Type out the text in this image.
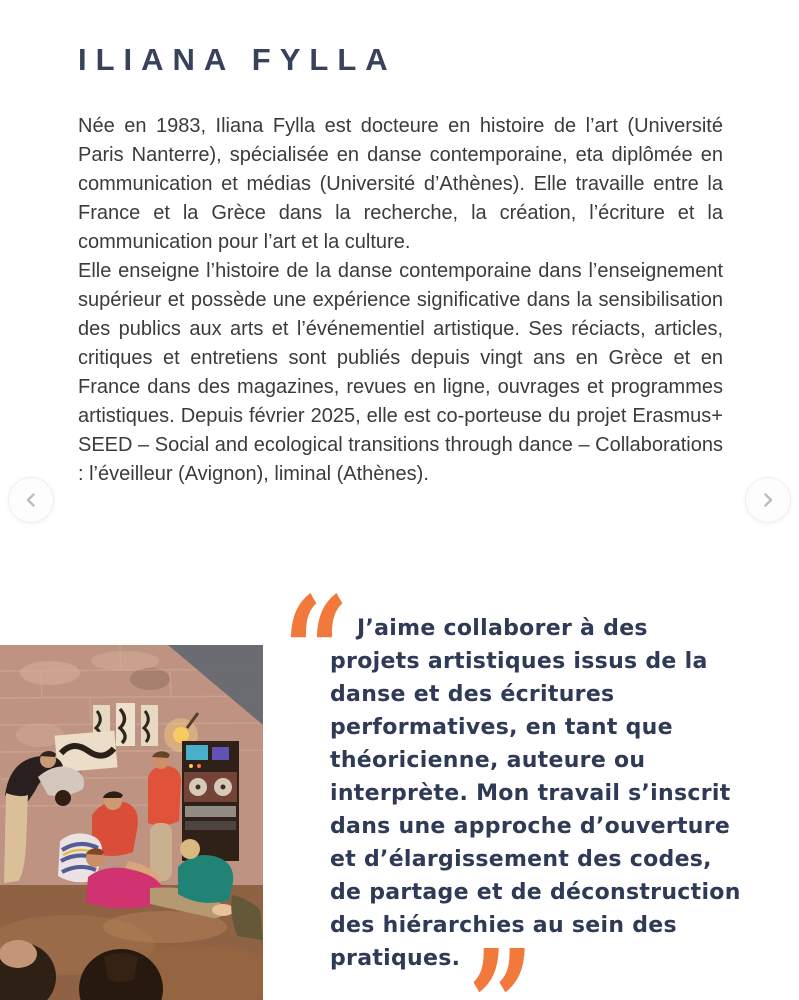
ILIANA FYLLA

Née en 1983, Iliana Fylla est docteure en histoire de l’art (Université Paris Nanterre), spécialisée en danse contemporaine, eta diplômée en communication et médias (Université d’Athènes). Elle travaille entre la France et la Grèce dans la recherche, la création, l’écriture et la communication pour l’art et la culture.

Elle enseigne l’histoire de la danse contemporaine dans l’enseignement supérieur et possède une expérience significative dans la sensibilisation des publics aux arts et l’événementiel artistique. Ses réciacts, articles, critiques et entretiens sont publiés depuis vingt ans en Grèce et en France dans des magazines, revues en ligne, ouvrages et programmes artistiques. Depuis février 2025, elle est co-porteuse du projet Erasmus+ SEED – Social and ecological transitions through dance – Collaborations : l’éveilleur (Avignon), liminal (Athènes).

“ J’aime collaborer à des projets artistiques issus de la danse et des écritures performatives, en tant que théoricienne, auteure ou interprète. Mon travail s’inscrit dans une approche d’ouverture et d’élargissement des codes, de partage et de déconstruction des hiérarchies au sein des pratiques.
